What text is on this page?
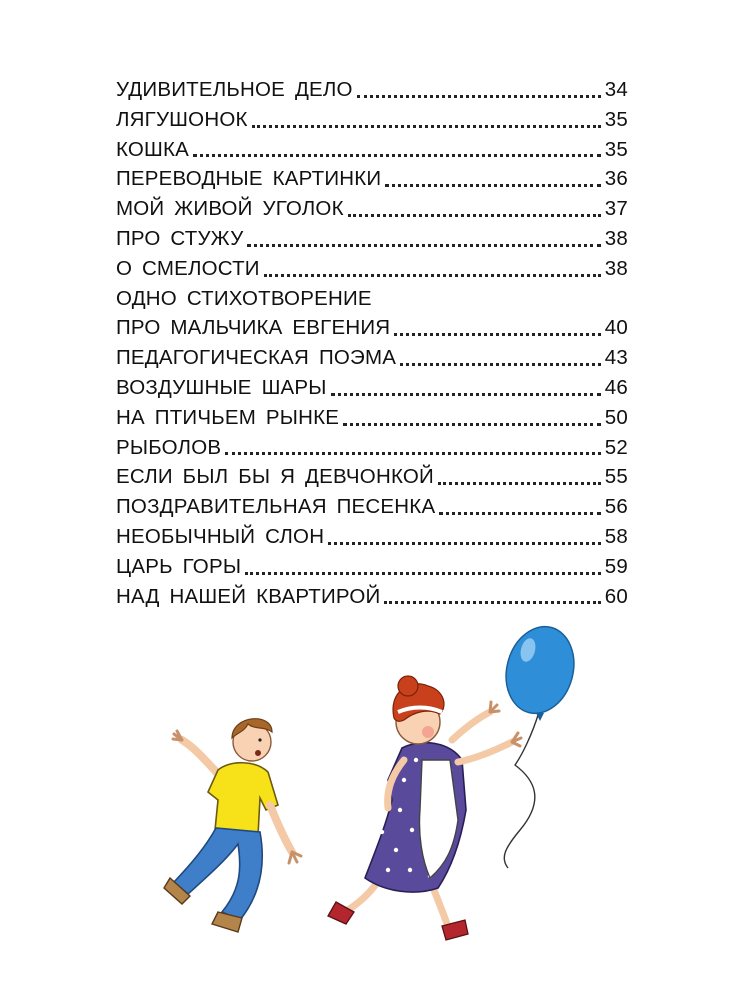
УДИВИТЕЛЬНОЕ ДЕЛО	34
ЛЯГУШОНОК	35
КОШКА	35
ПЕРЕВОДНЫЕ КАРТИНКИ	36
МОЙ ЖИВОЙ УГОЛОК	37
ПРО СТУЖУ	38
О СМЕЛОСТИ	38
ОДНО СТИХОТВОРЕНИЕ
ПРО МАЛЬЧИКА ЕВГЕНИЯ	40
ПЕДАГОГИЧЕСКАЯ ПОЭМА	43
ВОЗДУШНЫЕ ШАРЫ	46
НА ПТИЧЬЕМ РЫНКЕ	50
РЫБОЛОВ	52
ЕСЛИ БЫЛ БЫ Я ДЕВЧОНКОЙ	55
ПОЗДРАВИТЕЛЬНАЯ ПЕСЕНКА	56
НЕОБЫЧНЫЙ СЛОН	58
ЦАРЬ ГОРЫ	59
НАД НАШЕЙ КВАРТИРОЙ	60
